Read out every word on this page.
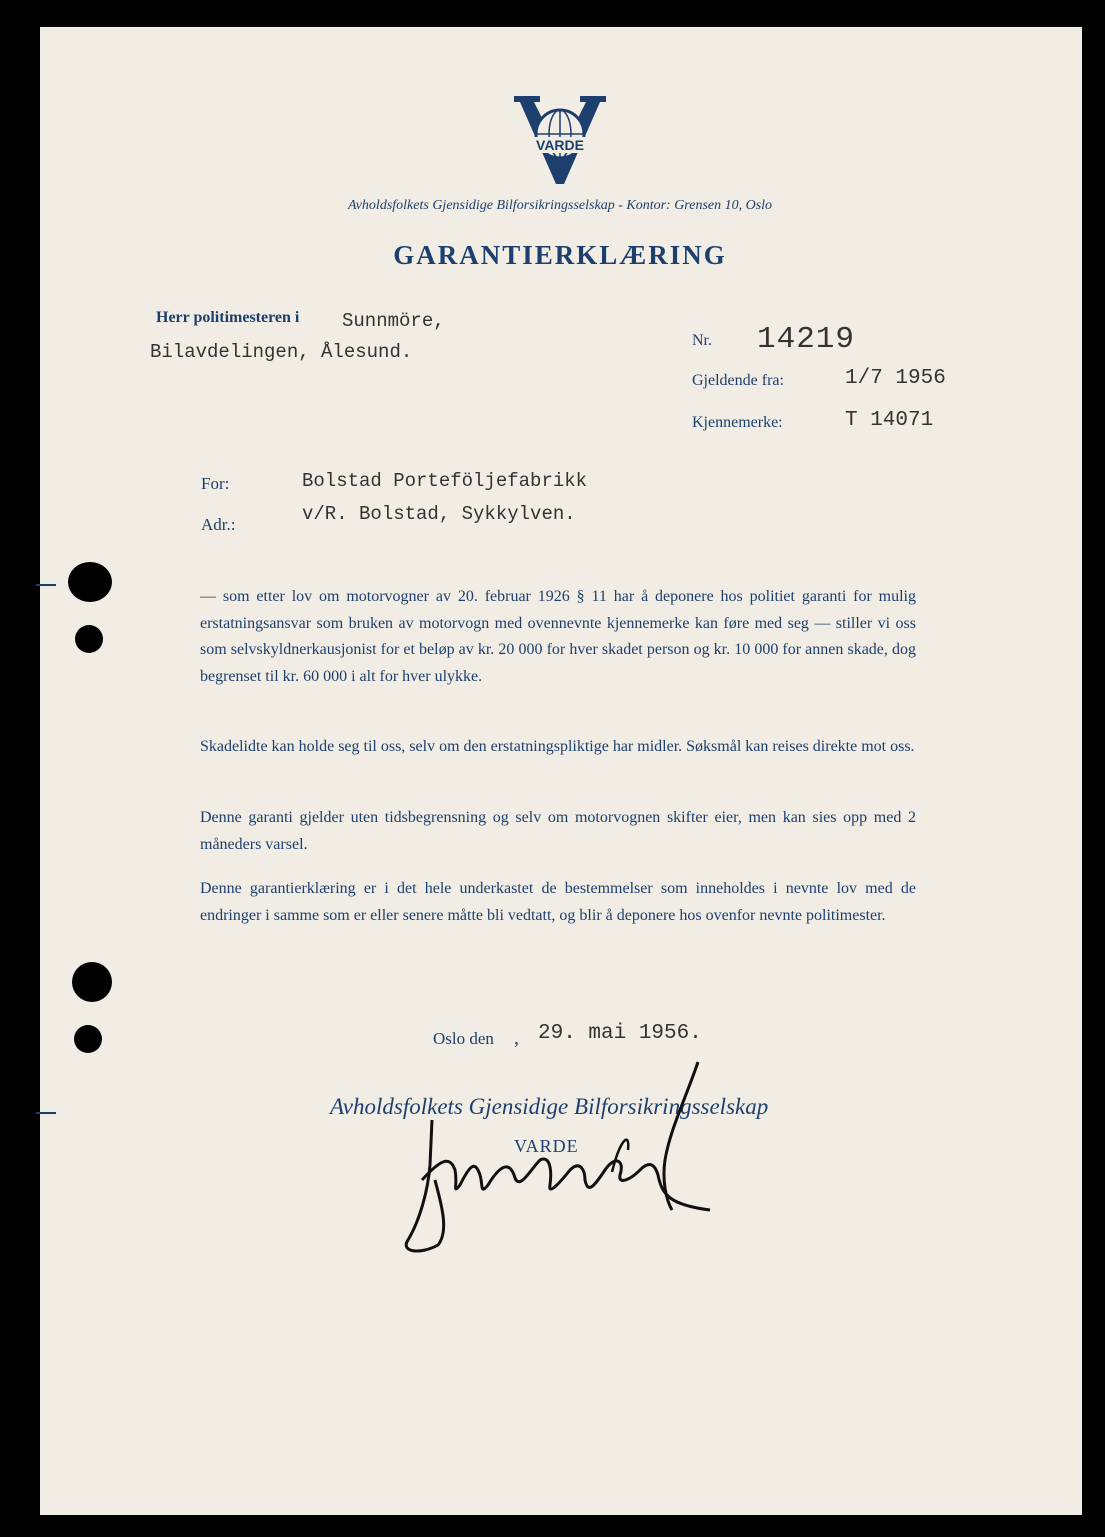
VARDE
Avholdsfolkets Gjensidige Bilforsikringsselskap - Kontor: Grensen 10, Oslo
GARANTIERKLÆRING
Herr politimesteren i Sunnmöre,
Bilavdelingen, Ålesund.
Nr. 14219
Gjeldende fra:	1/7 1956
Kjennemerke:	T 14071
For:	Bolstad Porteföljefabrikk
Adr.:	v/R. Bolstad, Sykkylven.
— som etter lov om motorvogner av 20. februar 1926 § 11 har å deponere hos politiet garanti for mulig erstatningsansvar som bruken av motorvogn med ovennevnte kjennemerke kan føre med seg — stiller vi oss som selvskyldnerkausjonist for et beløp av kr. 20 000 for hver skadet person og kr. 10 000 for annen skade, dog begrenset til kr. 60 000 i alt for hver ulykke.
Skadelidte kan holde seg til oss, selv om den erstatningspliktige har midler. Søksmål kan reises direkte mot oss.
Denne garanti gjelder uten tidsbegrensning og selv om motorvognen skifter eier, men kan sies opp med 2 måneders varsel.
Denne garantierklæring er i det hele underkastet de bestemmelser som inneholdes i nevnte lov med de endringer i samme som er eller senere måtte bli vedtatt, og blir å deponere hos ovenfor nevnte politimester.
Oslo den , 29. mai 1956.
Avholdsfolkets Gjensidige Bilforsikringsselskap
VARDE
